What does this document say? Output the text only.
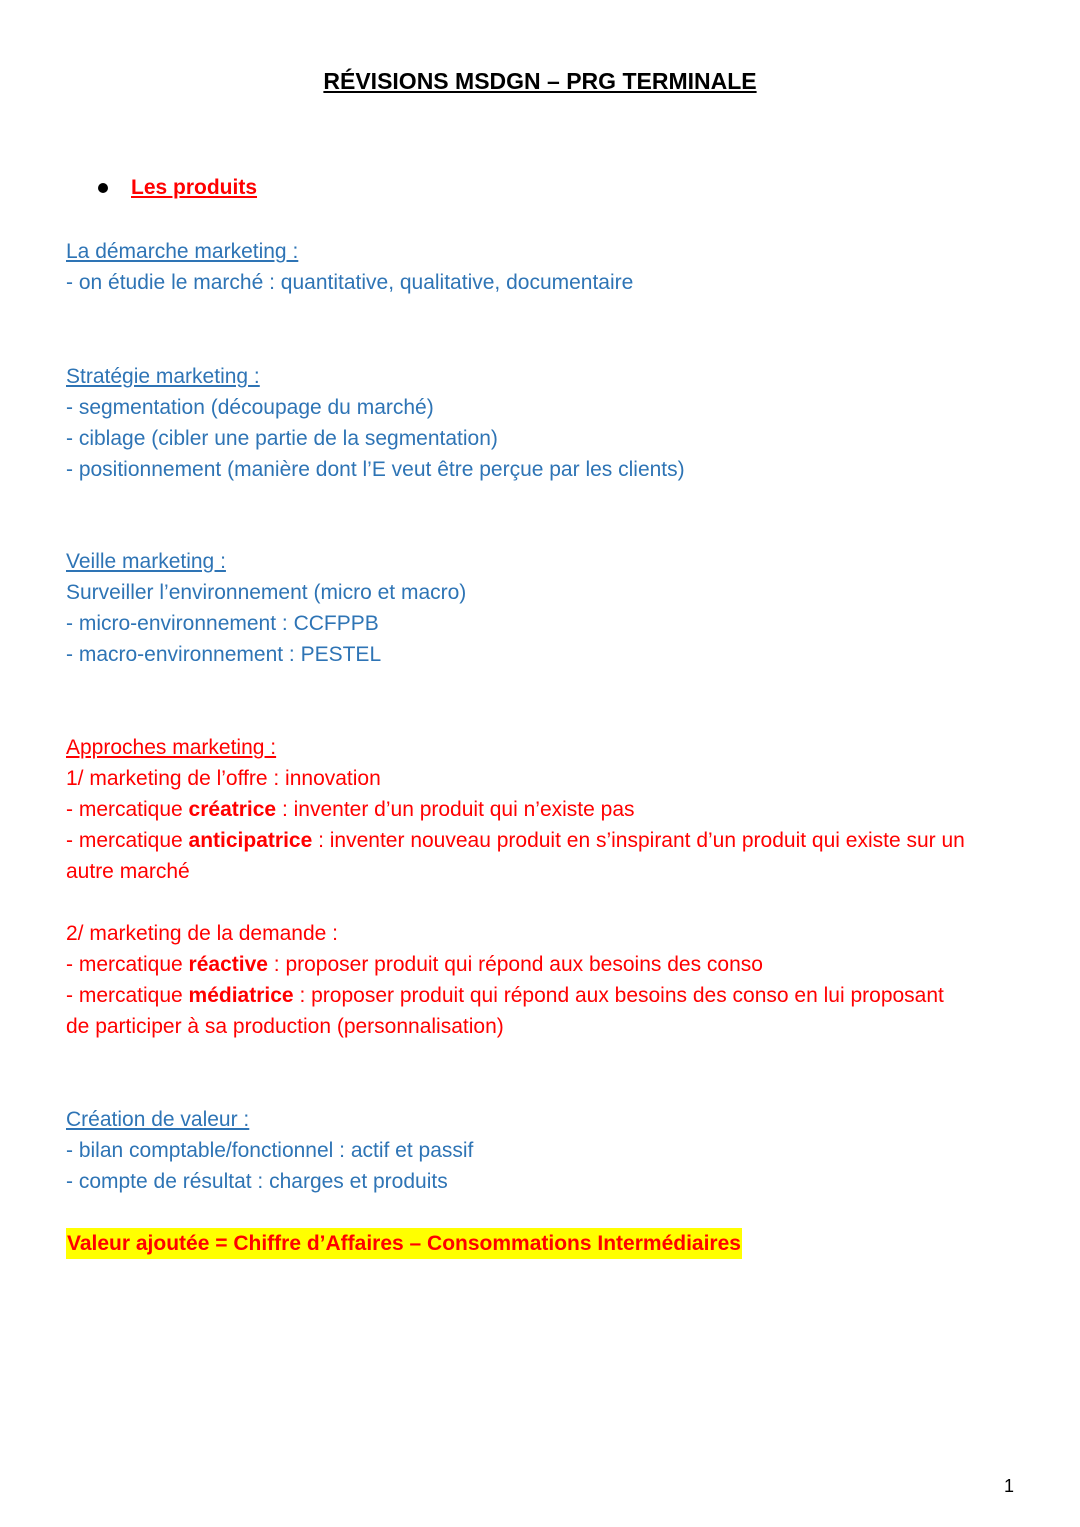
RÉVISIONS MSDGN – PRG TERMINALE
Les produits
La démarche marketing :
- on étudie le marché : quantitative, qualitative, documentaire
Stratégie marketing :
- segmentation (découpage du marché)
- ciblage (cibler une partie de la segmentation)
- positionnement (manière dont l’E veut être perçue par les clients)
Veille marketing :
Surveiller l’environnement (micro et macro)
- micro-environnement : CCFPPB
- macro-environnement : PESTEL
Approches marketing :
1/ marketing de l’offre : innovation
- mercatique créatrice : inventer d’un produit qui n’existe pas
- mercatique anticipatrice : inventer nouveau produit en s’inspirant d’un produit qui existe sur un autre marché
2/ marketing de la demande :
- mercatique réactive : proposer produit qui répond aux besoins des conso
- mercatique médiatrice : proposer produit qui répond aux besoins des conso en lui proposant de participer à sa production (personnalisation)
Création de valeur :
- bilan comptable/fonctionnel : actif et passif
- compte de résultat : charges et produits
Valeur ajoutée = Chiffre d’Affaires – Consommations Intermédiaires
1
